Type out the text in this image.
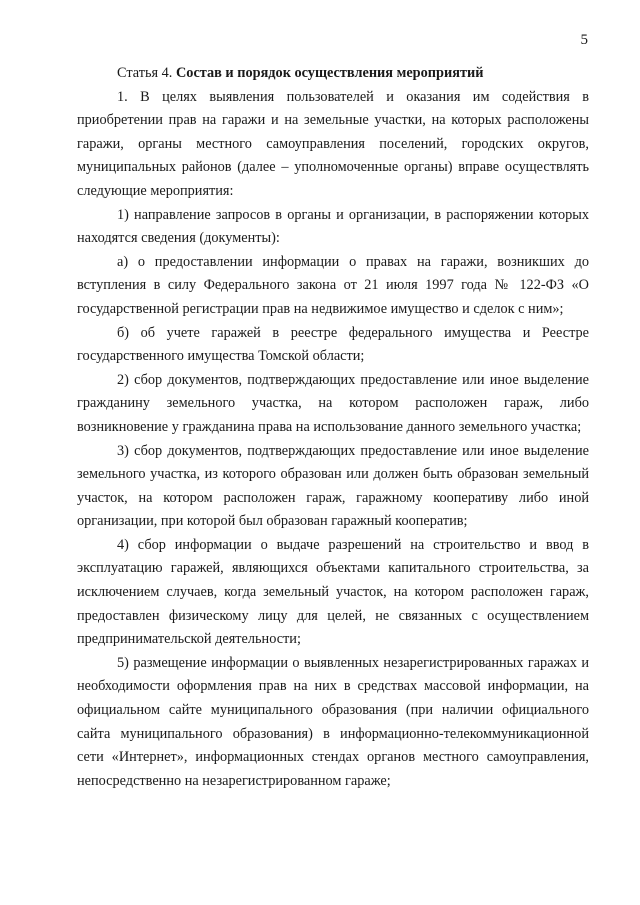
5

Статья 4. Состав и порядок осуществления мероприятий

1. В целях выявления пользователей и оказания им содействия в приобретении прав на гаражи и на земельные участки, на которых расположены гаражи, органы местного самоуправления поселений, городских округов, муниципальных районов (далее – уполномоченные органы) вправе осуществлять следующие мероприятия:

1) направление запросов в органы и организации, в распоряжении которых находятся сведения (документы):

а) о предоставлении информации о правах на гаражи, возникших до вступления в силу Федерального закона от 21 июля 1997 года № 122-ФЗ «О государственной регистрации прав на недвижимое имущество и сделок с ним»;

б) об учете гаражей в реестре федерального имущества и Реестре государственного имущества Томской области;

2) сбор документов, подтверждающих предоставление или иное выделение гражданину земельного участка, на котором расположен гараж, либо возникновение у гражданина права на использование данного земельного участка;

3) сбор документов, подтверждающих предоставление или иное выделение земельного участка, из которого образован или должен быть образован земельный участок, на котором расположен гараж, гаражному кооперативу либо иной организации, при которой был образован гаражный кооператив;

4) сбор информации о выдаче разрешений на строительство и ввод в эксплуатацию гаражей, являющихся объектами капитального строительства, за исключением случаев, когда земельный участок, на котором расположен гараж, предоставлен физическому лицу для целей, не связанных с осуществлением предпринимательской деятельности;

5) размещение информации о выявленных незарегистрированных гаражах и необходимости оформления прав на них в средствах массовой информации, на официальном сайте муниципального образования (при наличии официального сайта муниципального образования) в информационно-телекоммуникационной сети «Интернет», информационных стендах органов местного самоуправления, непосредственно на незарегистрированном гараже;
